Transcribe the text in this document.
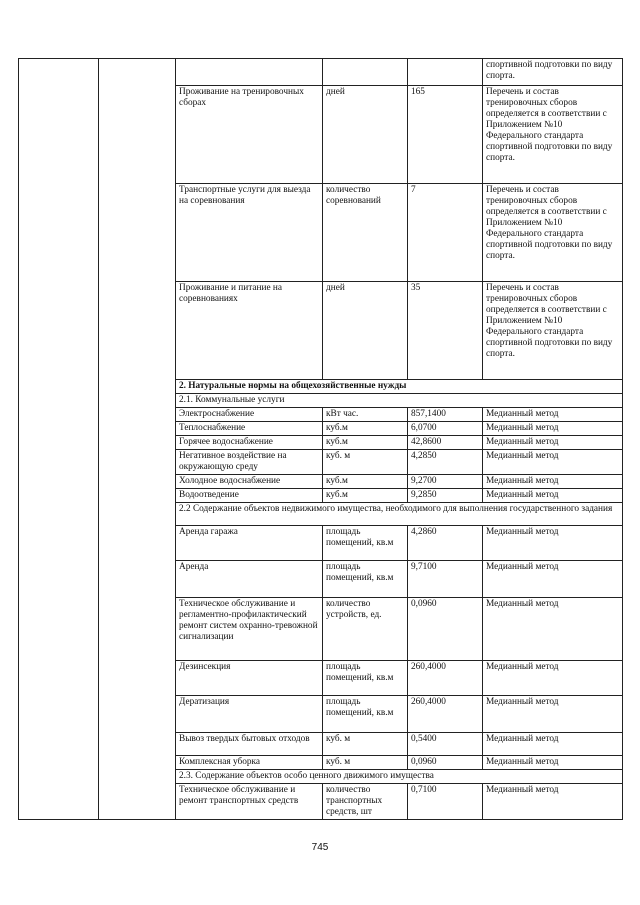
					спортивной подготовки по виду спорта.
		Проживание на тренировочных сборах	дней	165	Перечень и состав тренировочных сборов определяется в соответствии с Приложением №10 Федерального стандарта спортивной подготовки по виду спорта.
		Транспортные услуги для выезда на соревнования	количество соревнований	7	Перечень и состав тренировочных сборов определяется в соответствии с Приложением №10 Федерального стандарта спортивной подготовки по виду спорта.
		Проживание и питание на соревнованиях	дней	35	Перечень и состав тренировочных сборов определяется в соответствии с Приложением №10 Федерального стандарта спортивной подготовки по виду спорта.
		2. Натуральные нормы на общехозяйственные нужды			
		2.1. Коммунальные услуги			
		Электроснабжение	кВт час.	857,1400	Медианный метод
		Теплоснабжение	куб.м	6,0700	Медианный метод
		Горячее водоснабжение	куб.м	42,8600	Медианный метод
		Негативное воздействие на окружающую среду	куб. м	4,2850	Медианный метод
		Холодное водоснабжение	куб.м	9,2700	Медианный метод
		Водоотведение	куб.м	9,2850	Медианный метод
		2.2 Содержание объектов недвижимого имущества, необходимого для выполнения государственного задания			
		Аренда гаража	площадь помещений, кв.м	4,2860	Медианный метод
		Аренда	площадь помещений, кв.м	9,7100	Медианный метод
		Техническое обслуживание и регламентно-профилактический ремонт систем охранно-тревожной сигнализации	количество устройств, ед.	0,0960	Медианный метод
		Дезинсекция	площадь помещений, кв.м	260,4000	Медианный метод
		Дератизация	площадь помещений, кв.м	260,4000	Медианный метод
		Вывоз твердых бытовых отходов	куб. м	0,5400	Медианный метод
		Комплексная уборка	куб. м	0,0960	Медианный метод
		2.3. Содержание объектов особо ценного движимого имущества			
		Техническое обслуживание и ремонт транспортных средств	количество транспортных средств, шт	0,7100	Медианный метод
745
